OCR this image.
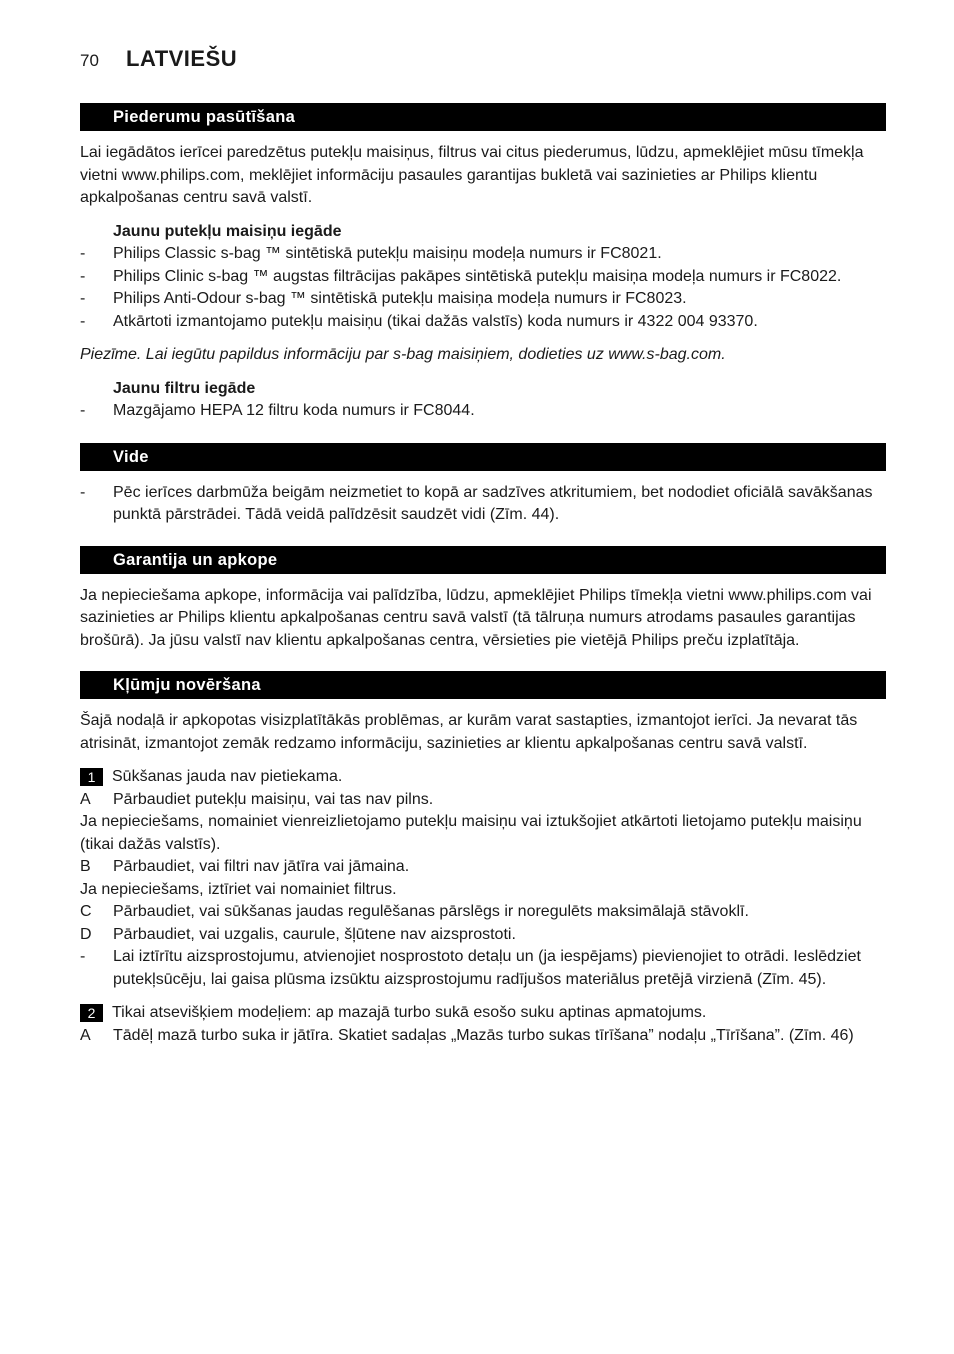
70	LATVIEŠU
Piederumu pasūtīšana

Lai iegādātos ierīcei paredzētus putekļu maisiņus, filtrus vai citus piederumus, lūdzu, apmeklējiet mūsu tīmekļa vietni www.philips.com, meklējiet informāciju pasaules garantijas bukletā vai sazinieties ar Philips klientu apkalpošanas centru savā valstī.

Jaunu putekļu maisiņu iegāde

-	Philips Classic s-bag ™ sintētiskā putekļu maisiņu modeļa numurs ir FC8021.
-	Philips Clinic s-bag ™ augstas filtrācijas pakāpes sintētiskā putekļu maisiņa modeļa numurs ir FC8022.
-	Philips Anti-Odour s-bag ™ sintētiskā putekļu maisiņa modeļa numurs ir FC8023.
-	Atkārtoti izmantojamo putekļu maisiņu (tikai dažās valstīs) koda numurs ir 4322 004 93370.

Piezīme. Lai iegūtu papildus informāciju par s-bag maisiņiem, dodieties uz www.s-bag.com.

Jaunu filtru iegāde

-	Mazgājamo HEPA 12 filtru koda numurs ir FC8044.
Vide
-	Pēc ierīces darbmūža beigām neizmetiet to kopā ar sadzīves atkritumiem, bet nododiet oficiālā savākšanas punktā pārstrādei. Tādā veidā palīdzēsit saudzēt vidi (Zīm. 44).
Garantija un apkope

Ja nepieciešama apkope, informācija vai palīdzība, lūdzu, apmeklējiet Philips tīmekļa vietni www.philips.com vai sazinieties ar Philips klientu apkalpošanas centru savā valstī (tā tālruņa numurs atrodams pasaules garantijas brošūrā). Ja jūsu valstī nav klientu apkalpošanas centra, vērsieties pie vietējā Philips preču izplatītāja.

Kļūmju novēršana

Šajā nodaļā ir apkopotas visizplatītākās problēmas, ar kurām varat sastapties, izmantojot ierīci. Ja nevarat tās atrisināt, izmantojot zemāk redzamo informāciju, sazinieties ar klientu apkalpošanas centru savā valstī.

1	Sūkšanas jauda nav pietiekama.
A	Pārbaudiet putekļu maisiņu, vai tas nav pilns.

Ja nepieciešams, nomainiet vienreizlietojamo putekļu maisiņu vai iztukšojiet atkārtoti lietojamo putekļu maisiņu (tikai dažās valstīs).

B	Pārbaudiet, vai filtri nav jātīra vai jāmaina.

Ja nepieciešams, iztīriet vai nomainiet filtrus.

C	Pārbaudiet, vai sūkšanas jaudas regulēšanas pārslēgs ir noregulēts maksimālajā stāvoklī.
D	Pārbaudiet, vai uzgalis, caurule, šļūtene nav aizsprostoti.
-	Lai iztīrītu aizsprostojumu, atvienojiet nosprostoto detaļu un (ja iespējams) pievienojiet to otrādi. Ieslēdziet putekļsūcēju, lai gaisa plūsma izsūktu aizsprostojumu radījušos materiālus pretējā virzienā (Zīm. 45).
2	Tikai atsevišķiem modeļiem: ap mazajā turbo sukā esošo suku aptinas apmatojums.
A	Tādēļ mazā turbo suka ir jātīra. Skatiet sadaļas „Mazās turbo sukas tīrīšana” nodaļu „Tīrīšana”. (Zīm. 46)
